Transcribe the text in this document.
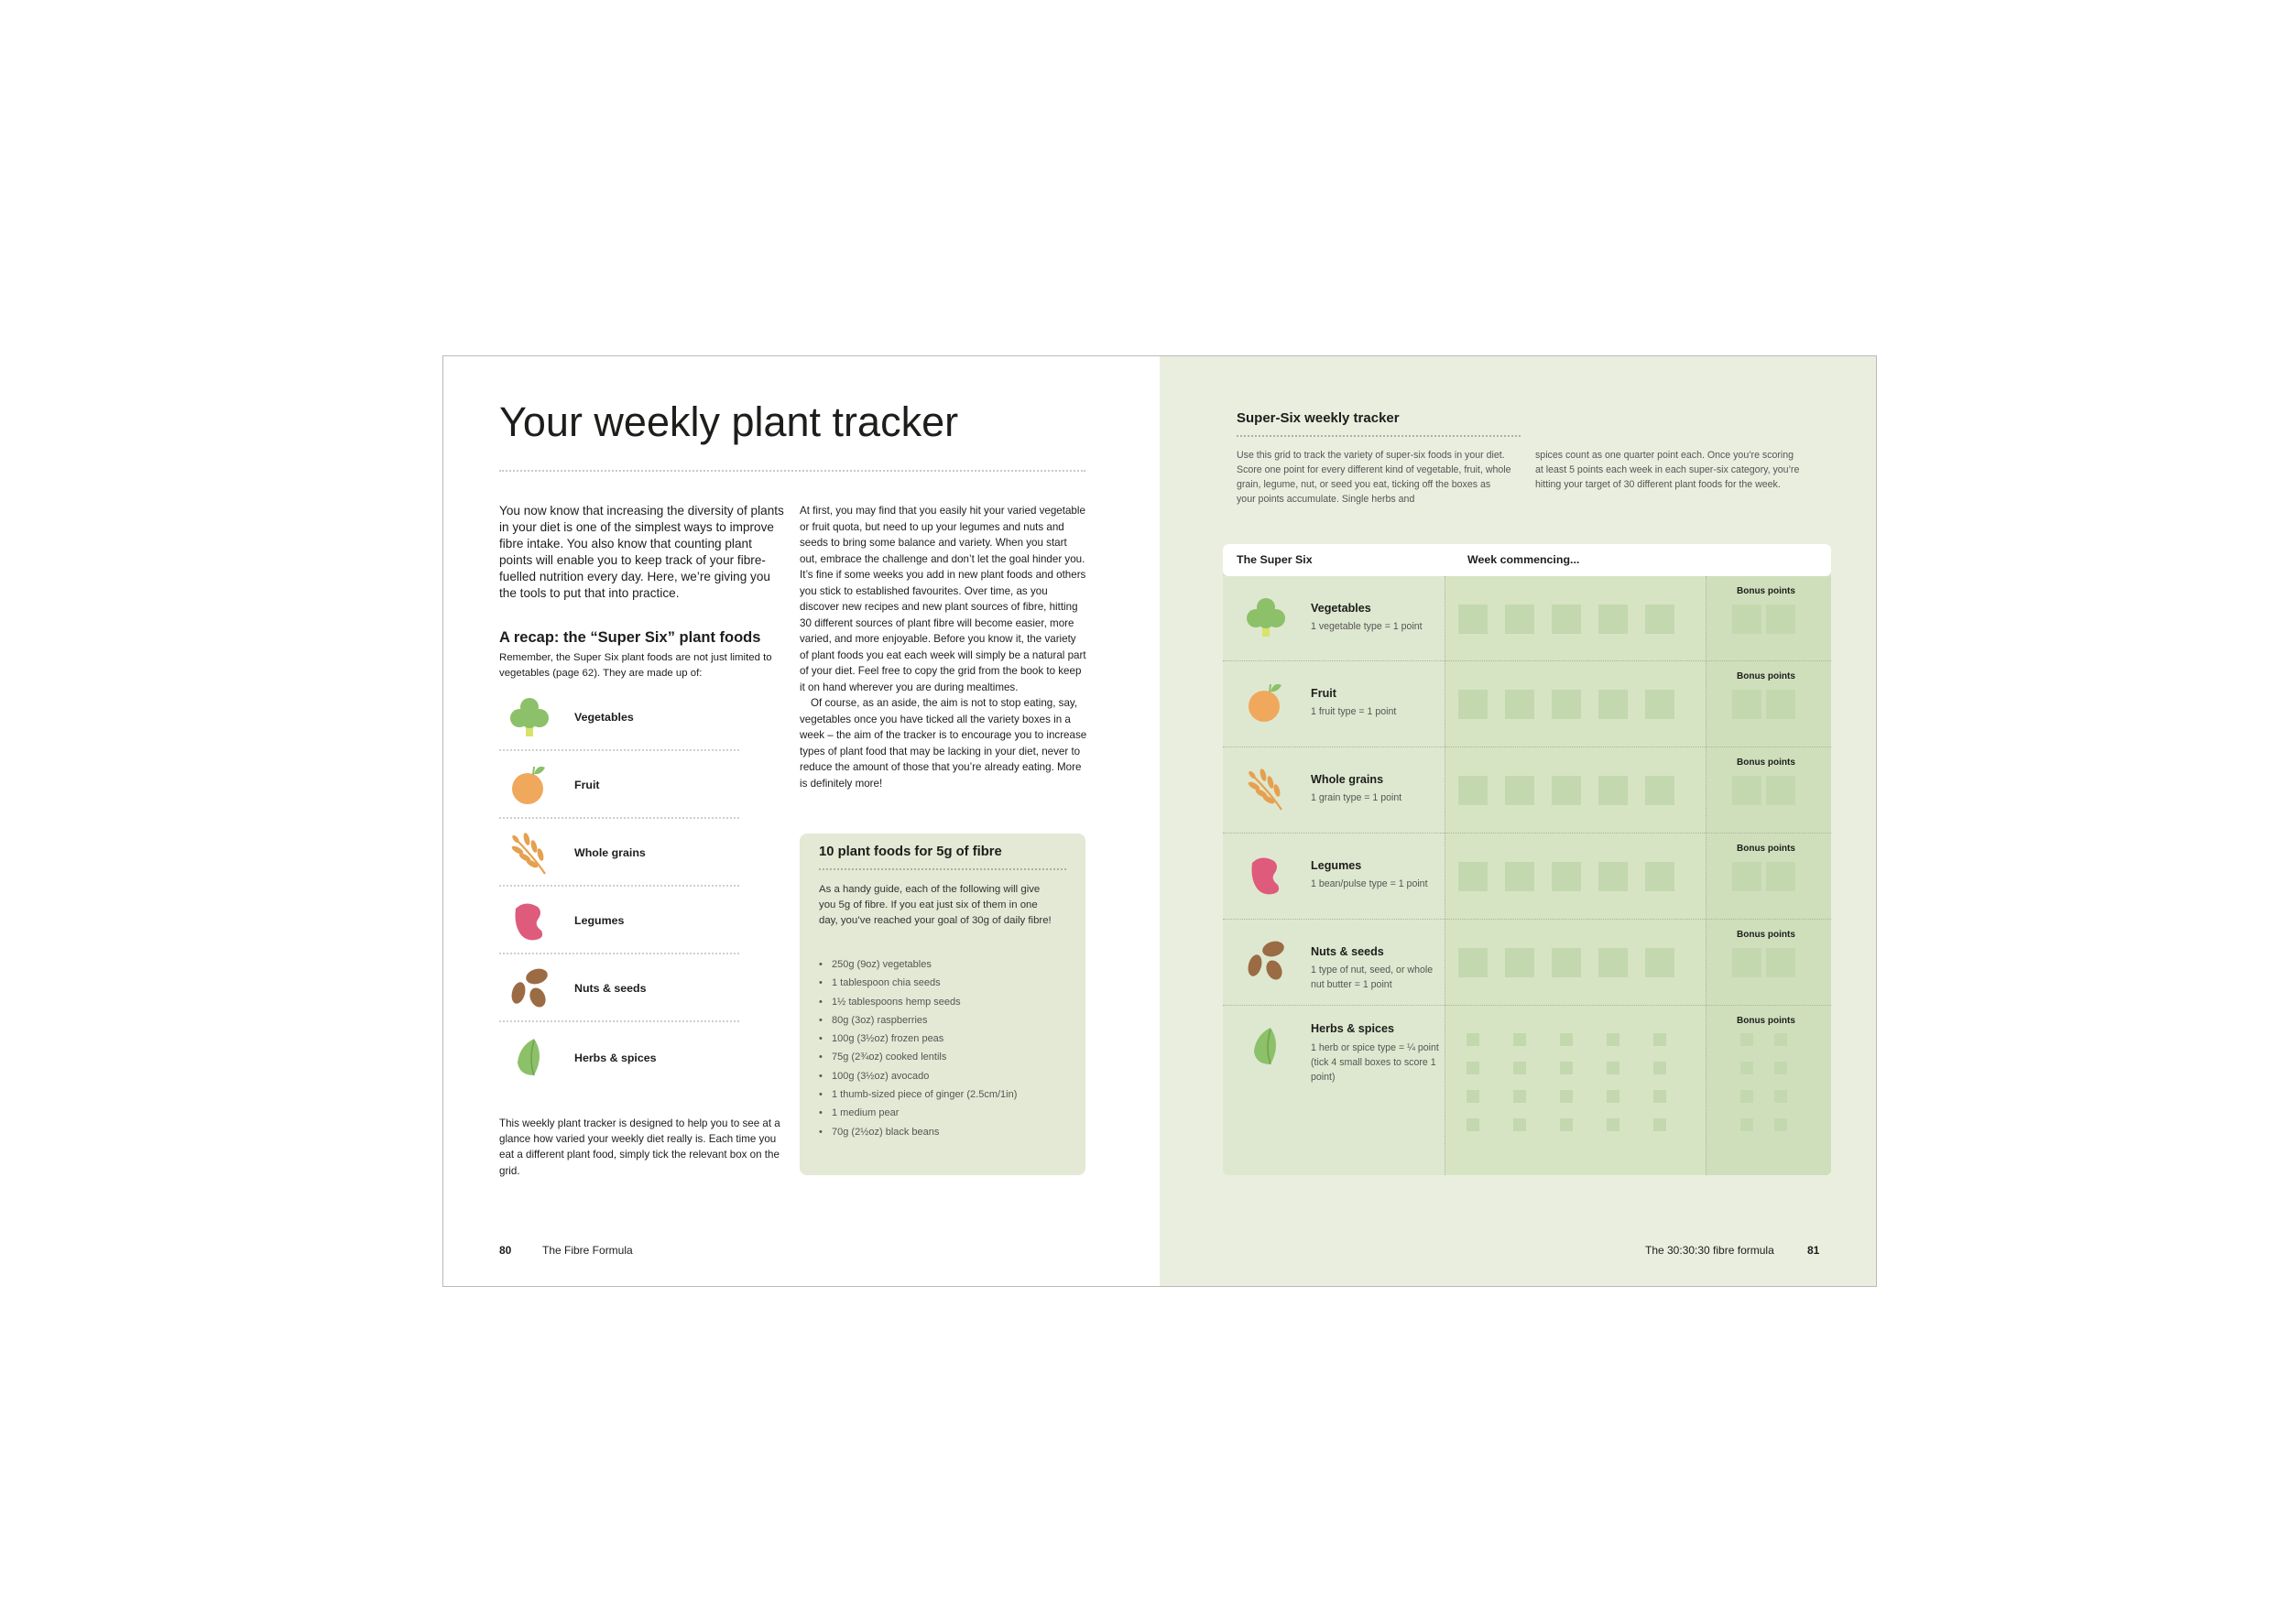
Your weekly plant tracker
You now know that increasing the diversity of plants in your diet is one of the simplest ways to improve fibre intake. You also know that counting plant points will enable you to keep track of your fibre-fuelled nutrition every day. Here, we’re giving you the tools to put that into practice.
A recap: the “Super Six” plant foods
Remember, the Super Six plant foods are not just limited to vegetables (page 62). They are made up of:
Vegetables
Fruit
Whole grains
Legumes
Nuts & seeds
Herbs & spices
This weekly plant tracker is designed to help you to see at a glance how varied your weekly diet really is. Each time you eat a different plant food, simply tick the relevant box on the grid.
At first, you may find that you easily hit your varied vegetable or fruit quota, but need to up your legumes and nuts and seeds to bring some balance and variety. When you start out, embrace the challenge and don’t let the goal hinder you. It’s fine if some weeks you add in new plant foods and others you stick to established favourites. Over time, as you discover new recipes and new plant sources of fibre, hitting 30 different sources of plant fibre will become easier, more varied, and more enjoyable. Before you know it, the variety of plant foods you eat each week will simply be a natural part of your diet. Feel free to copy the grid from the book to keep it on hand wherever you are during mealtimes.
Of course, as an aside, the aim is not to stop eating, say, vegetables once you have ticked all the variety boxes in a week – the aim of the tracker is to encourage you to increase types of plant food that may be lacking in your diet, never to reduce the amount of those that you’re already eating. More is definitely more!
10 plant foods for 5g of fibre
As a handy guide, each of the following will give you 5g of fibre. If you eat just six of them in one day, you’ve reached your goal of 30g of daily fibre!
• 250g (9oz) vegetables
• 1 tablespoon chia seeds
• 1½ tablespoons hemp seeds
• 80g (3oz) raspberries
• 100g (3½oz) frozen peas
• 75g (2¾oz) cooked lentils
• 100g (3½oz) avocado
• 1 thumb-sized piece of ginger (2.5cm/1in)
• 1 medium pear
• 70g (2½oz) black beans
80	The Fibre Formula
Super-Six weekly tracker
Use this grid to track the variety of super-six foods in your diet. Score one point for every different kind of vegetable, fruit, whole grain, legume, nut, or seed you eat, ticking off the boxes as your points accumulate. Single herbs and
spices count as one quarter point each. Once you’re scoring at least 5 points each week in each super-six category, you’re hitting your target of 30 different plant foods for the week.
The Super Six	Week commencing...
Vegetables
1 vegetable type = 1 point
Bonus points
Fruit
1 fruit type = 1 point
Bonus points
Whole grains
1 grain type = 1 point
Bonus points
Legumes
1 bean/pulse type = 1 point
Bonus points
Nuts & seeds
1 type of nut, seed, or whole nut butter = 1 point
Bonus points
Herbs & spices
1 herb or spice type = ¼ point (tick 4 small boxes to score 1 point)
Bonus points
The 30:30:30 fibre formula	81
